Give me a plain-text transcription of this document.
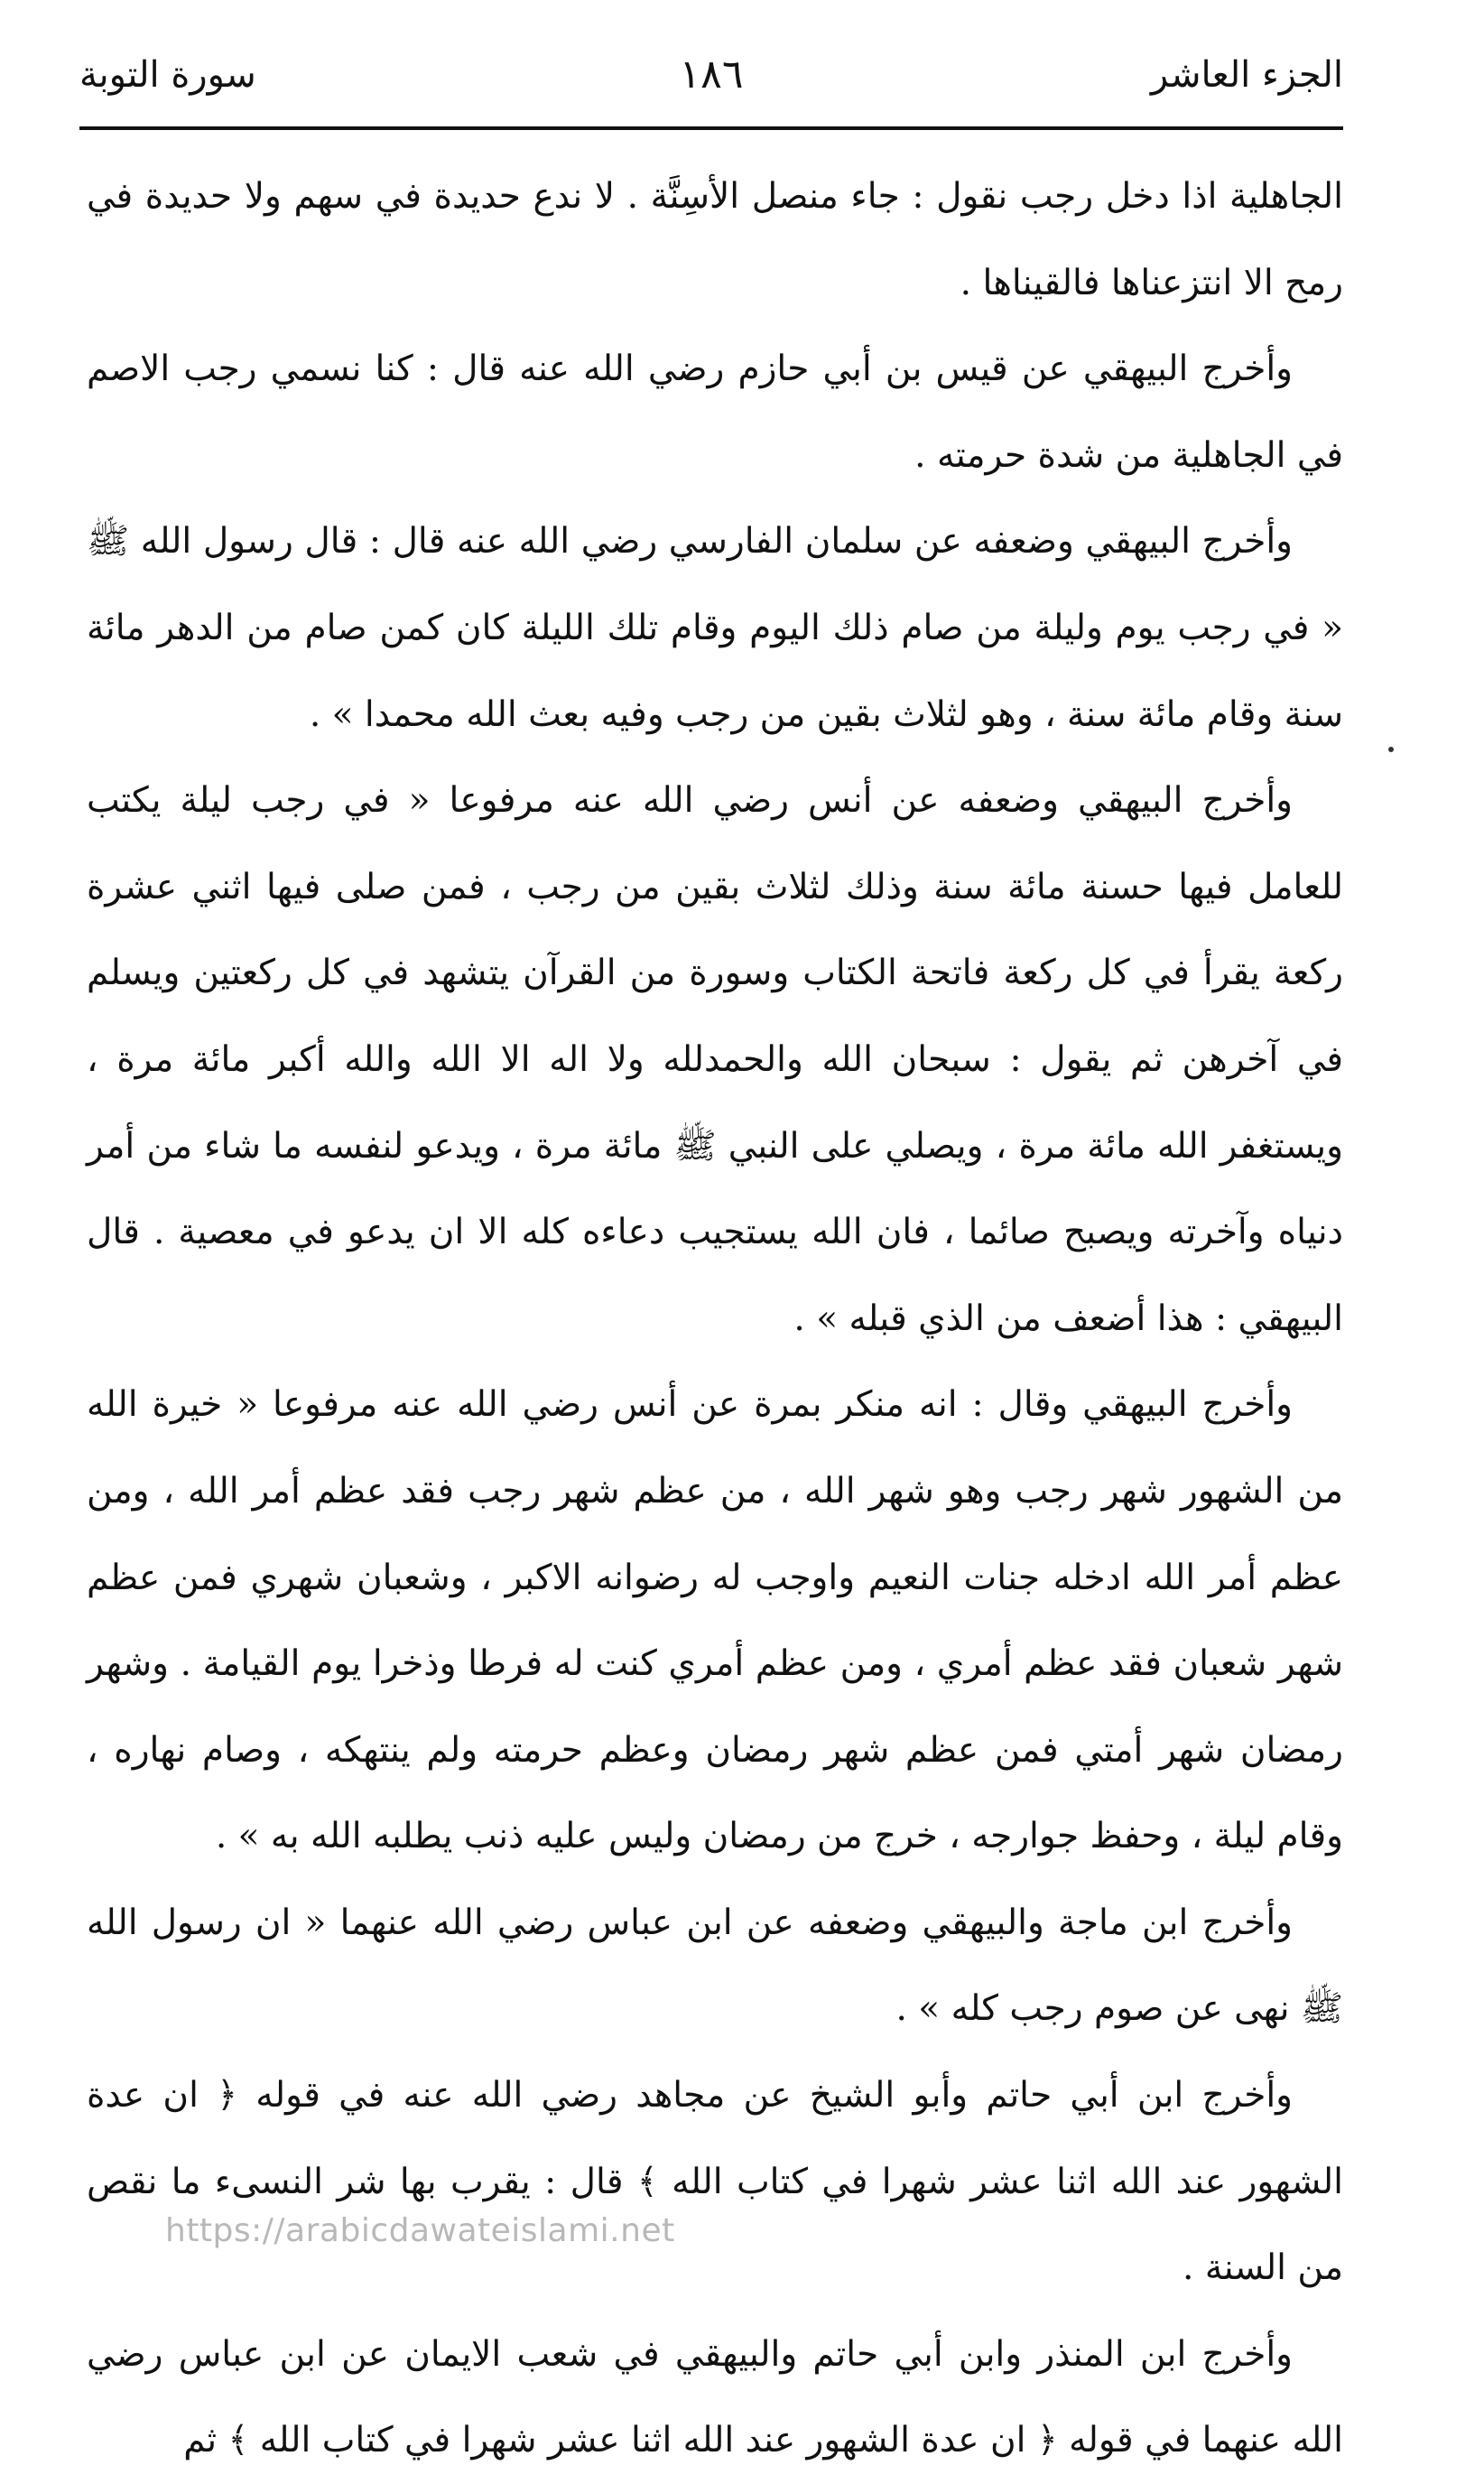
الجزء العاشر
١٨٦
سورة التوبة

الجاهلية اذا دخل رجب نقول : جاء منصل الأسِنَّة . لا ندع حديدة في سهم ولا حديدة في رمح الا انتزعناها فالقيناها .

وأخرج البيهقي عن قيس بن أبي حازم رضي الله عنه قال : كنا نسمي رجب الاصم في الجاهلية من شدة حرمته .

وأخرج البيهقي وضعفه عن سلمان الفارسي رضي الله عنه قال : قال رسول الله ﷺ « في رجب يوم وليلة من صام ذلك اليوم وقام تلك الليلة كان كمن صام من الدهر مائة سنة وقام مائة سنة ، وهو لثلاث بقين من رجب وفيه بعث الله محمدا » .

وأخرج البيهقي وضعفه عن أنس رضي الله عنه مرفوعا « في رجب ليلة يكتب للعامل فيها حسنة مائة سنة وذلك لثلاث بقين من رجب ، فمن صلى فيها اثني عشرة ركعة يقرأ في كل ركعة فاتحة الكتاب وسورة من القرآن يتشهد في كل ركعتين ويسلم في آخرهن ثم يقول : سبحان الله والحمدلله ولا اله الا الله والله أكبر مائة مرة ، ويستغفر الله مائة مرة ، ويصلي على النبي ﷺ مائة مرة ، ويدعو لنفسه ما شاء من أمر دنياه وآخرته ويصبح صائما ، فان الله يستجيب دعاءه كله الا ان يدعو في معصية . قال البيهقي : هذا أضعف من الذي قبله » .

وأخرج البيهقي وقال : انه منكر بمرة عن أنس رضي الله عنه مرفوعا « خيرة الله من الشهور شهر رجب وهو شهر الله ، من عظم شهر رجب فقد عظم أمر الله ، ومن عظم أمر الله ادخله جنات النعيم واوجب له رضوانه الاكبر ، وشعبان شهري فمن عظم شهر شعبان فقد عظم أمري ، ومن عظم أمري كنت له فرطا وذخرا يوم القيامة . وشهر رمضان شهر أمتي فمن عظم شهر رمضان وعظم حرمته ولم ينتهكه ، وصام نهاره ، وقام ليلة ، وحفظ جوارجه ، خرج من رمضان وليس عليه ذنب يطلبه الله به » .

وأخرج ابن ماجة والبيهقي وضعفه عن ابن عباس رضي الله عنهما « ان رسول الله ﷺ نهى عن صوم رجب كله » .

وأخرج ابن أبي حاتم وأبو الشيخ عن مجاهد رضي الله عنه في قوله ﴿ ان عدة الشهور عند الله اثنا عشر شهرا في كتاب الله ﴾ قال : يقرب بها شر النسىء ما نقص من السنة .

وأخرج ابن المنذر وابن أبي حاتم والبيهقي في شعب الايمان عن ابن عباس رضي الله عنهما في قوله ﴿ ان عدة الشهور عند الله اثنا عشر شهرا في كتاب الله ﴾ ثم

https://arabicdawateislami.net
